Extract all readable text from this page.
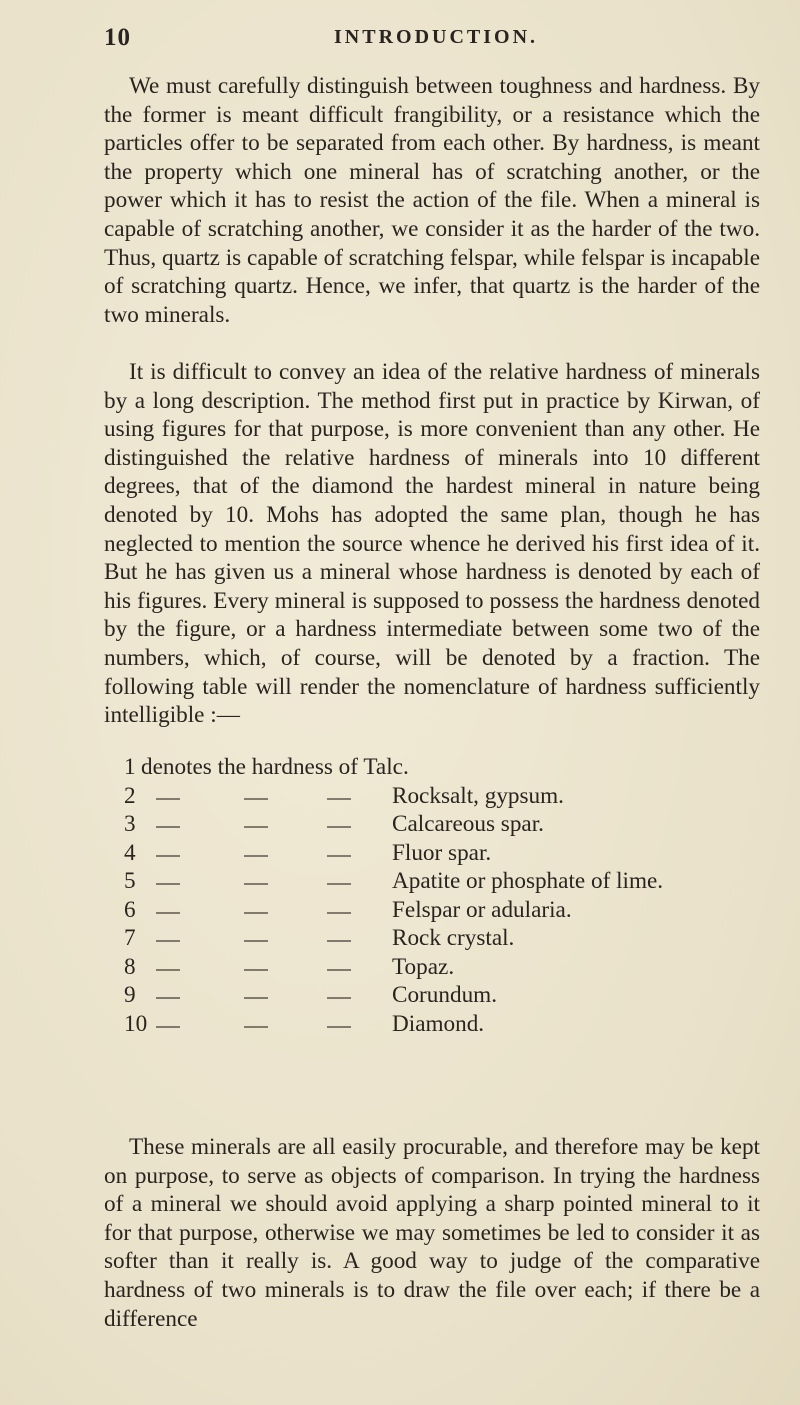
10	INTRODUCTION.

We must carefully distinguish between toughness and hardness. By the former is meant difficult frangibility, or a resistance which the particles offer to be separated from each other. By hardness, is meant the property which one mineral has of scratching another, or the power which it has to resist the action of the file. When a mineral is capable of scratching another, we consider it as the harder of the two. Thus, quartz is capable of scratching felspar, while felspar is incapable of scratching quartz. Hence, we infer, that quartz is the harder of the two minerals.

It is difficult to convey an idea of the relative hardness of minerals by a long description. The method first put in practice by Kirwan, of using figures for that purpose, is more convenient than any other. He distinguished the relative hardness of minerals into 10 different degrees, that of the diamond the hardest mineral in nature being denoted by 10. Mohs has adopted the same plan, though he has neglected to mention the source whence he derived his first idea of it. But he has given us a mineral whose hardness is denoted by each of his figures. Every mineral is supposed to possess the hardness denoted by the figure, or a hardness intermediate between some two of the numbers, which, of course, will be denoted by a fraction. The following table will render the nomenclature of hardness sufficiently intelligible :—

1 denotes the hardness of Talc.
2	Rocksalt, gypsum.
3	Calcareous spar.
4	Fluor spar.
5	Apatite or phosphate of lime.
6	Felspar or adularia.
7	Rock crystal.
8	Topaz.
9	Corundum.
10	Diamond.

These minerals are all easily procurable, and therefore may be kept on purpose, to serve as objects of comparison. In trying the hardness of a mineral we should avoid applying a sharp pointed mineral to it for that purpose, otherwise we may sometimes be led to consider it as softer than it really is. A good way to judge of the comparative hardness of two minerals is to draw the file over each; if there be a difference
